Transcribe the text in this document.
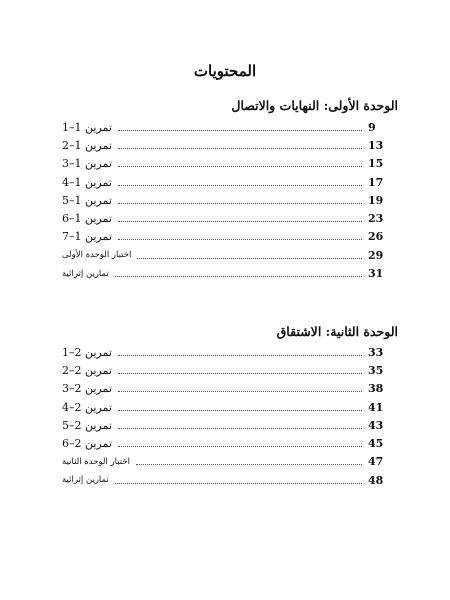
المحتويات
الوحدة الأولى: النهايات والاتصال
تمرين 1–1	9
تمرين 1–2	13
تمرين 1–3	15
تمرين 1–4	17
تمرين 1–5	19
تمرين 1–6	23
تمرين 1–7	26
اختبار الوحدة الأولى	29
تمارين إثرائية	31
الوحدة الثانية: الاشتقاق
تمرين 2–1	33
تمرين 2–2	35
تمرين 2–3	38
تمرين 2–4	41
تمرين 2–5	43
تمرين 2–6	45
اختبار الوحدة الثانية	47
تمارين إثرائية	48
